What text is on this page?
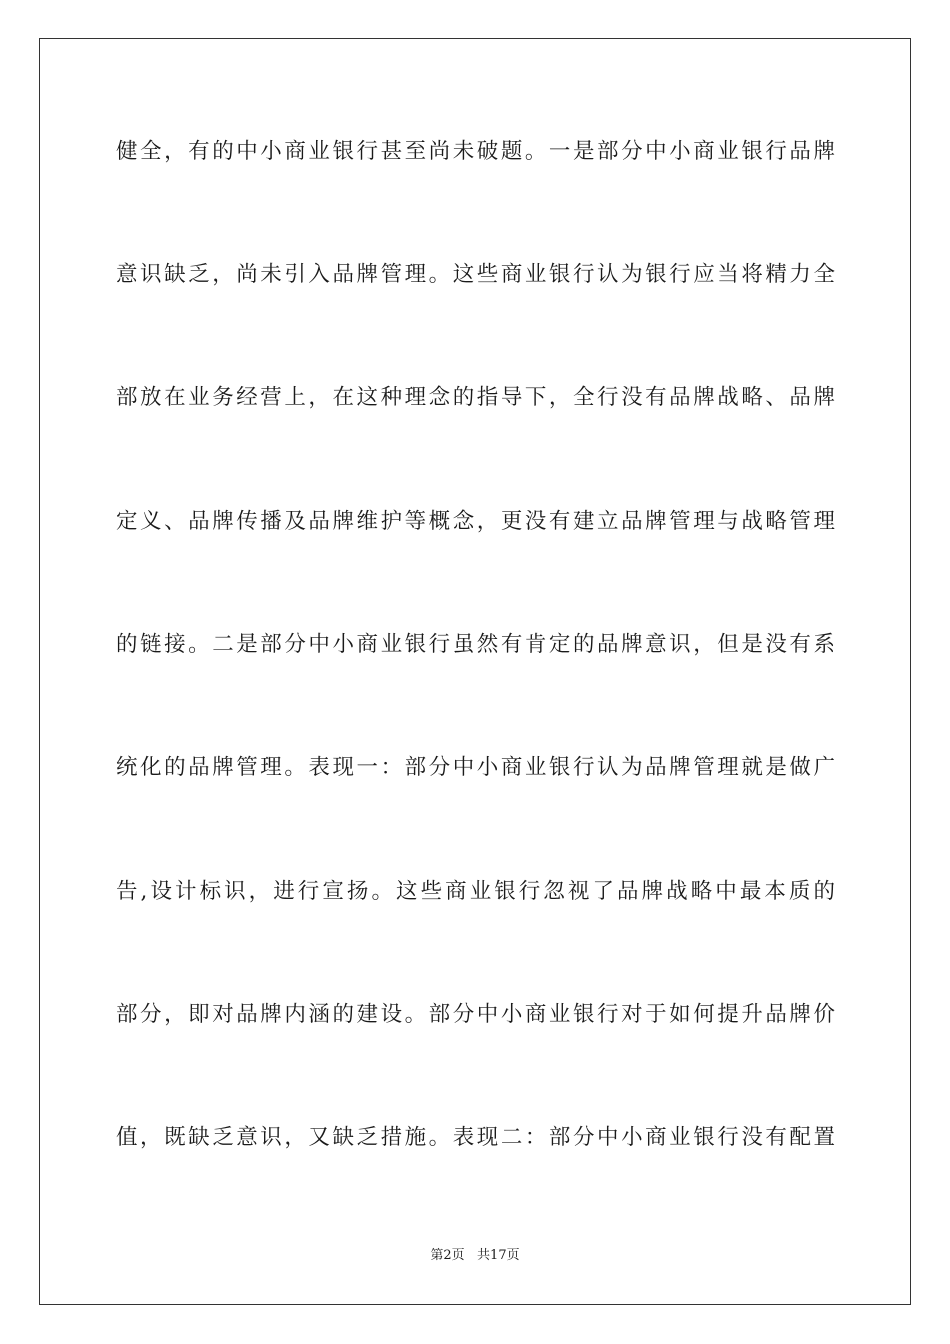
健全，有的中小商业银行甚至尚未破题。一是部分中小商业银行品牌
意识缺乏，尚未引入品牌管理。这些商业银行认为银行应当将精力全
部放在业务经营上，在这种理念的指导下，全行没有品牌战略、品牌
定义、品牌传播及品牌维护等概念，更没有建立品牌管理与战略管理
的链接。二是部分中小商业银行虽然有肯定的品牌意识，但是没有系
统化的品牌管理。表现一：部分中小商业银行认为品牌管理就是做广
告,设计标识，进行宣扬。这些商业银行忽视了品牌战略中最本质的
部分，即对品牌内涵的建设。部分中小商业银行对于如何提升品牌价
值，既缺乏意识，又缺乏措施。表现二：部分中小商业银行没有配置
第2页   共17页
